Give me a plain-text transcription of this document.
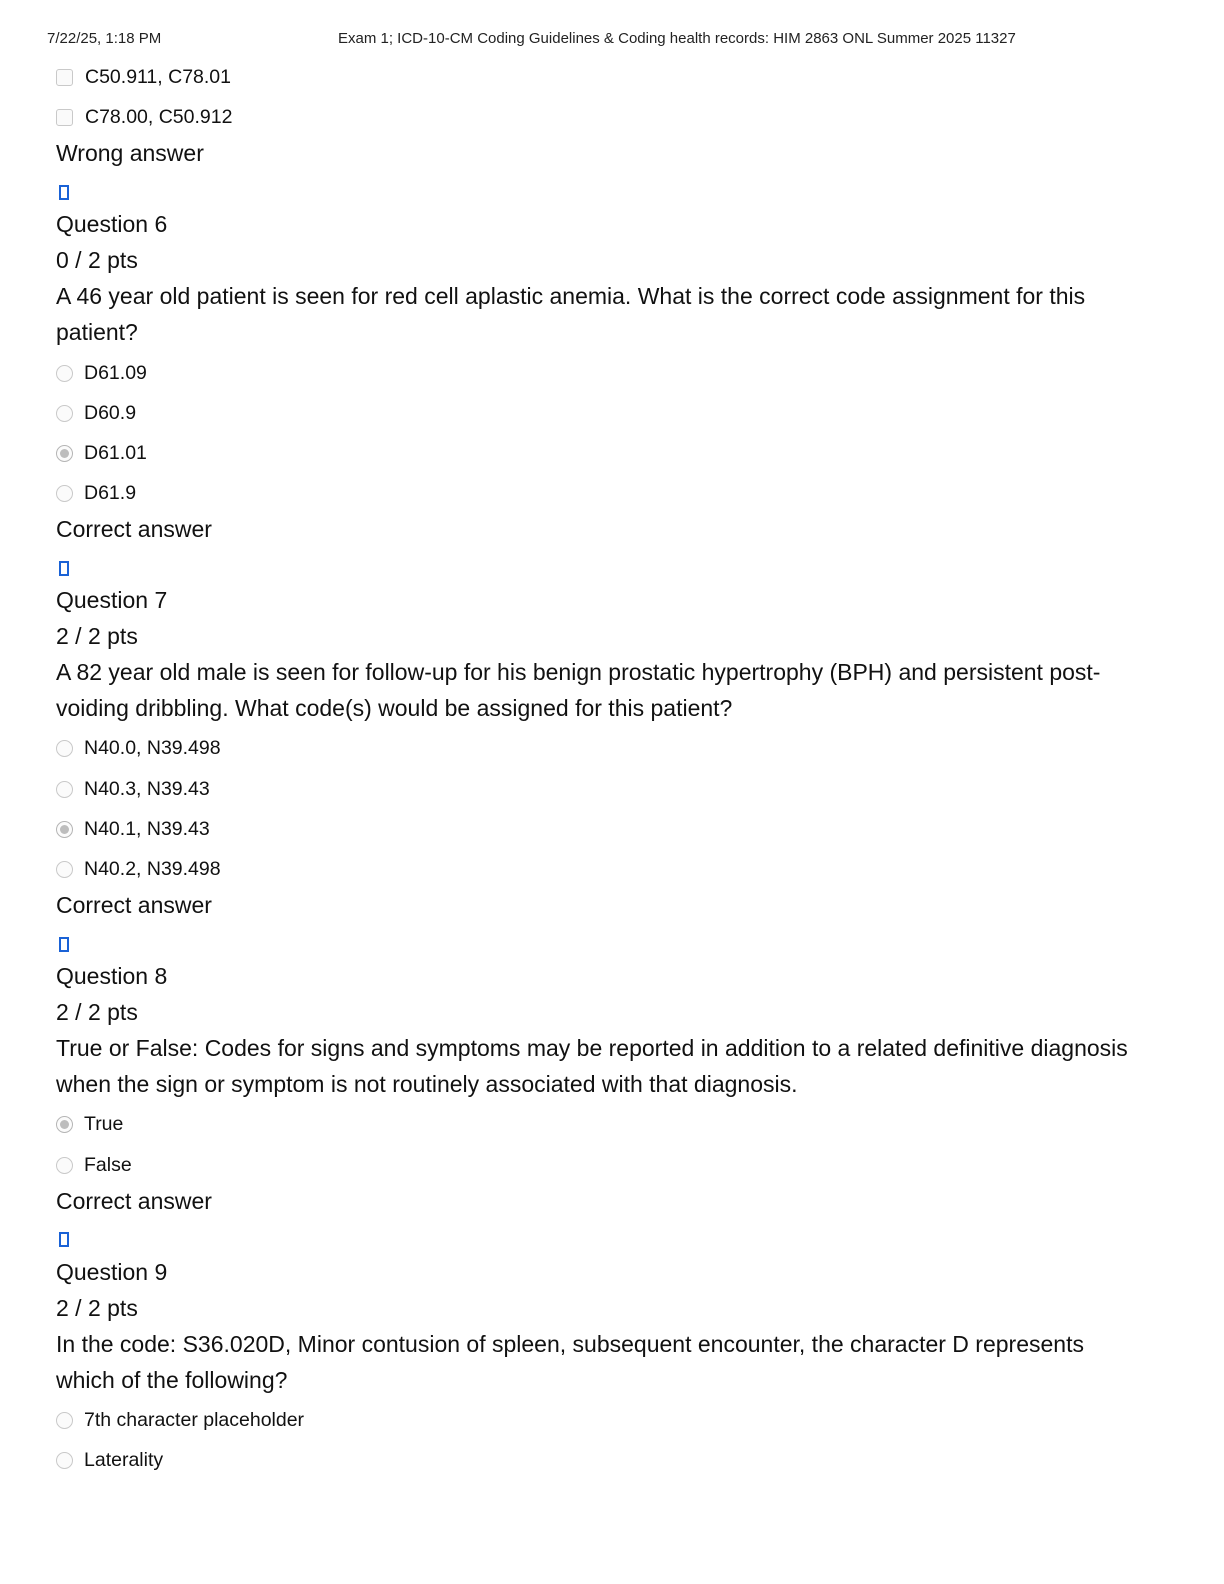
7/22/25, 1:18 PM	Exam 1; ICD-10-CM Coding Guidelines & Coding health records: HIM 2863 ONL Summer 2025 11327
C50.911, C78.01
C78.00, C50.912
Wrong answer
Question 6
0 / 2 pts
A 46 year old patient is seen for red cell aplastic anemia. What is the correct code assignment for this patient?
D61.09
D60.9
D61.01
D61.9
Correct answer
Question 7
2 / 2 pts
A 82 year old male is seen for follow-up for his benign prostatic hypertrophy (BPH) and persistent post-voiding dribbling. What code(s) would be assigned for this patient?
N40.0, N39.498
N40.3, N39.43
N40.1, N39.43
N40.2, N39.498
Correct answer
Question 8
2 / 2 pts
True or False: Codes for signs and symptoms may be reported in addition to a related definitive diagnosis when the sign or symptom is not routinely associated with that diagnosis.
True
False
Correct answer
Question 9
2 / 2 pts
In the code: S36.020D, Minor contusion of spleen, subsequent encounter, the character D represents which of the following?
7th character placeholder
Laterality
